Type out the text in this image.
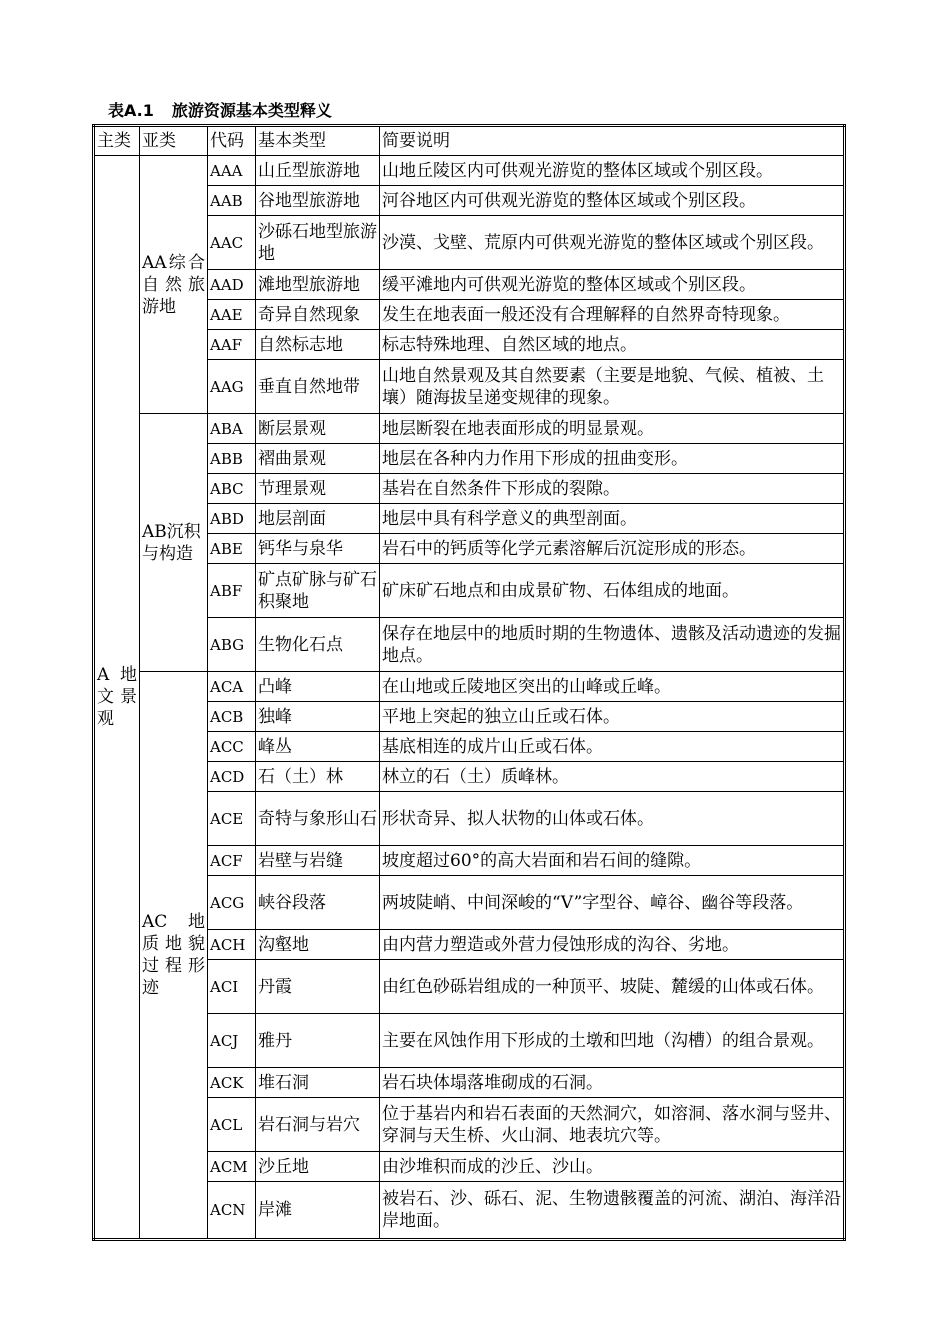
表A.1 旅游资源基本类型释义
主类	亚类	代码	基本类型	简要说明
A 地文景观	AA综合自然旅游地	AAA	山丘型旅游地	山地丘陵区内可供观光游览的整体区域或个别区段。
		AAB	谷地型旅游地	河谷地区内可供观光游览的整体区域或个别区段。
		AAC	沙砾石地型旅游地	沙漠、戈壁、荒原内可供观光游览的整体区域或个别区段。
		AAD	滩地型旅游地	缓平滩地内可供观光游览的整体区域或个别区段。
		AAE	奇异自然现象	发生在地表面一般还没有合理解释的自然界奇特现象。
		AAF	自然标志地	标志特殊地理、自然区域的地点。
		AAG	垂直自然地带	山地自然景观及其自然要素（主要是地貌、气候、植被、土壤）随海拔呈递变规律的现象。
	AB沉积与构造	ABA	断层景观	地层断裂在地表面形成的明显景观。
		ABB	褶曲景观	地层在各种内力作用下形成的扭曲变形。
		ABC	节理景观	基岩在自然条件下形成的裂隙。
		ABD	地层剖面	地层中具有科学意义的典型剖面。
		ABE	钙华与泉华	岩石中的钙质等化学元素溶解后沉淀形成的形态。
		ABF	矿点矿脉与矿石积聚地	矿床矿石地点和由成景矿物、石体组成的地面。
		ABG	生物化石点	保存在地层中的地质时期的生物遗体、遗骸及活动遗迹的发掘地点。
	AC 地质地貌过程形迹	ACA	凸峰	在山地或丘陵地区突出的山峰或丘峰。
		ACB	独峰	平地上突起的独立山丘或石体。
		ACC	峰丛	基底相连的成片山丘或石体。
		ACD	石（土）林	林立的石（土）质峰林。
		ACE	奇特与象形山石	形状奇异、拟人状物的山体或石体。
		ACF	岩壁与岩缝	坡度超过60°的高大岩面和岩石间的缝隙。
		ACG	峡谷段落	两坡陡峭、中间深峻的“V”字型谷、嶂谷、幽谷等段落。
		ACH	沟壑地	由内营力塑造或外营力侵蚀形成的沟谷、劣地。
		ACI	丹霞	由红色砂砾岩组成的一种顶平、坡陡、麓缓的山体或石体。
		ACJ	雅丹	主要在风蚀作用下形成的土墩和凹地（沟槽）的组合景观。
		ACK	堆石洞	岩石块体塌落堆砌成的石洞。
		ACL	岩石洞与岩穴	位于基岩内和岩石表面的天然洞穴，如溶洞、落水洞与竖井、穿洞与天生桥、火山洞、地表坑穴等。
		ACM	沙丘地	由沙堆积而成的沙丘、沙山。
		ACN	岸滩	被岩石、沙、砾石、泥、生物遗骸覆盖的河流、湖泊、海洋沿岸地面。
